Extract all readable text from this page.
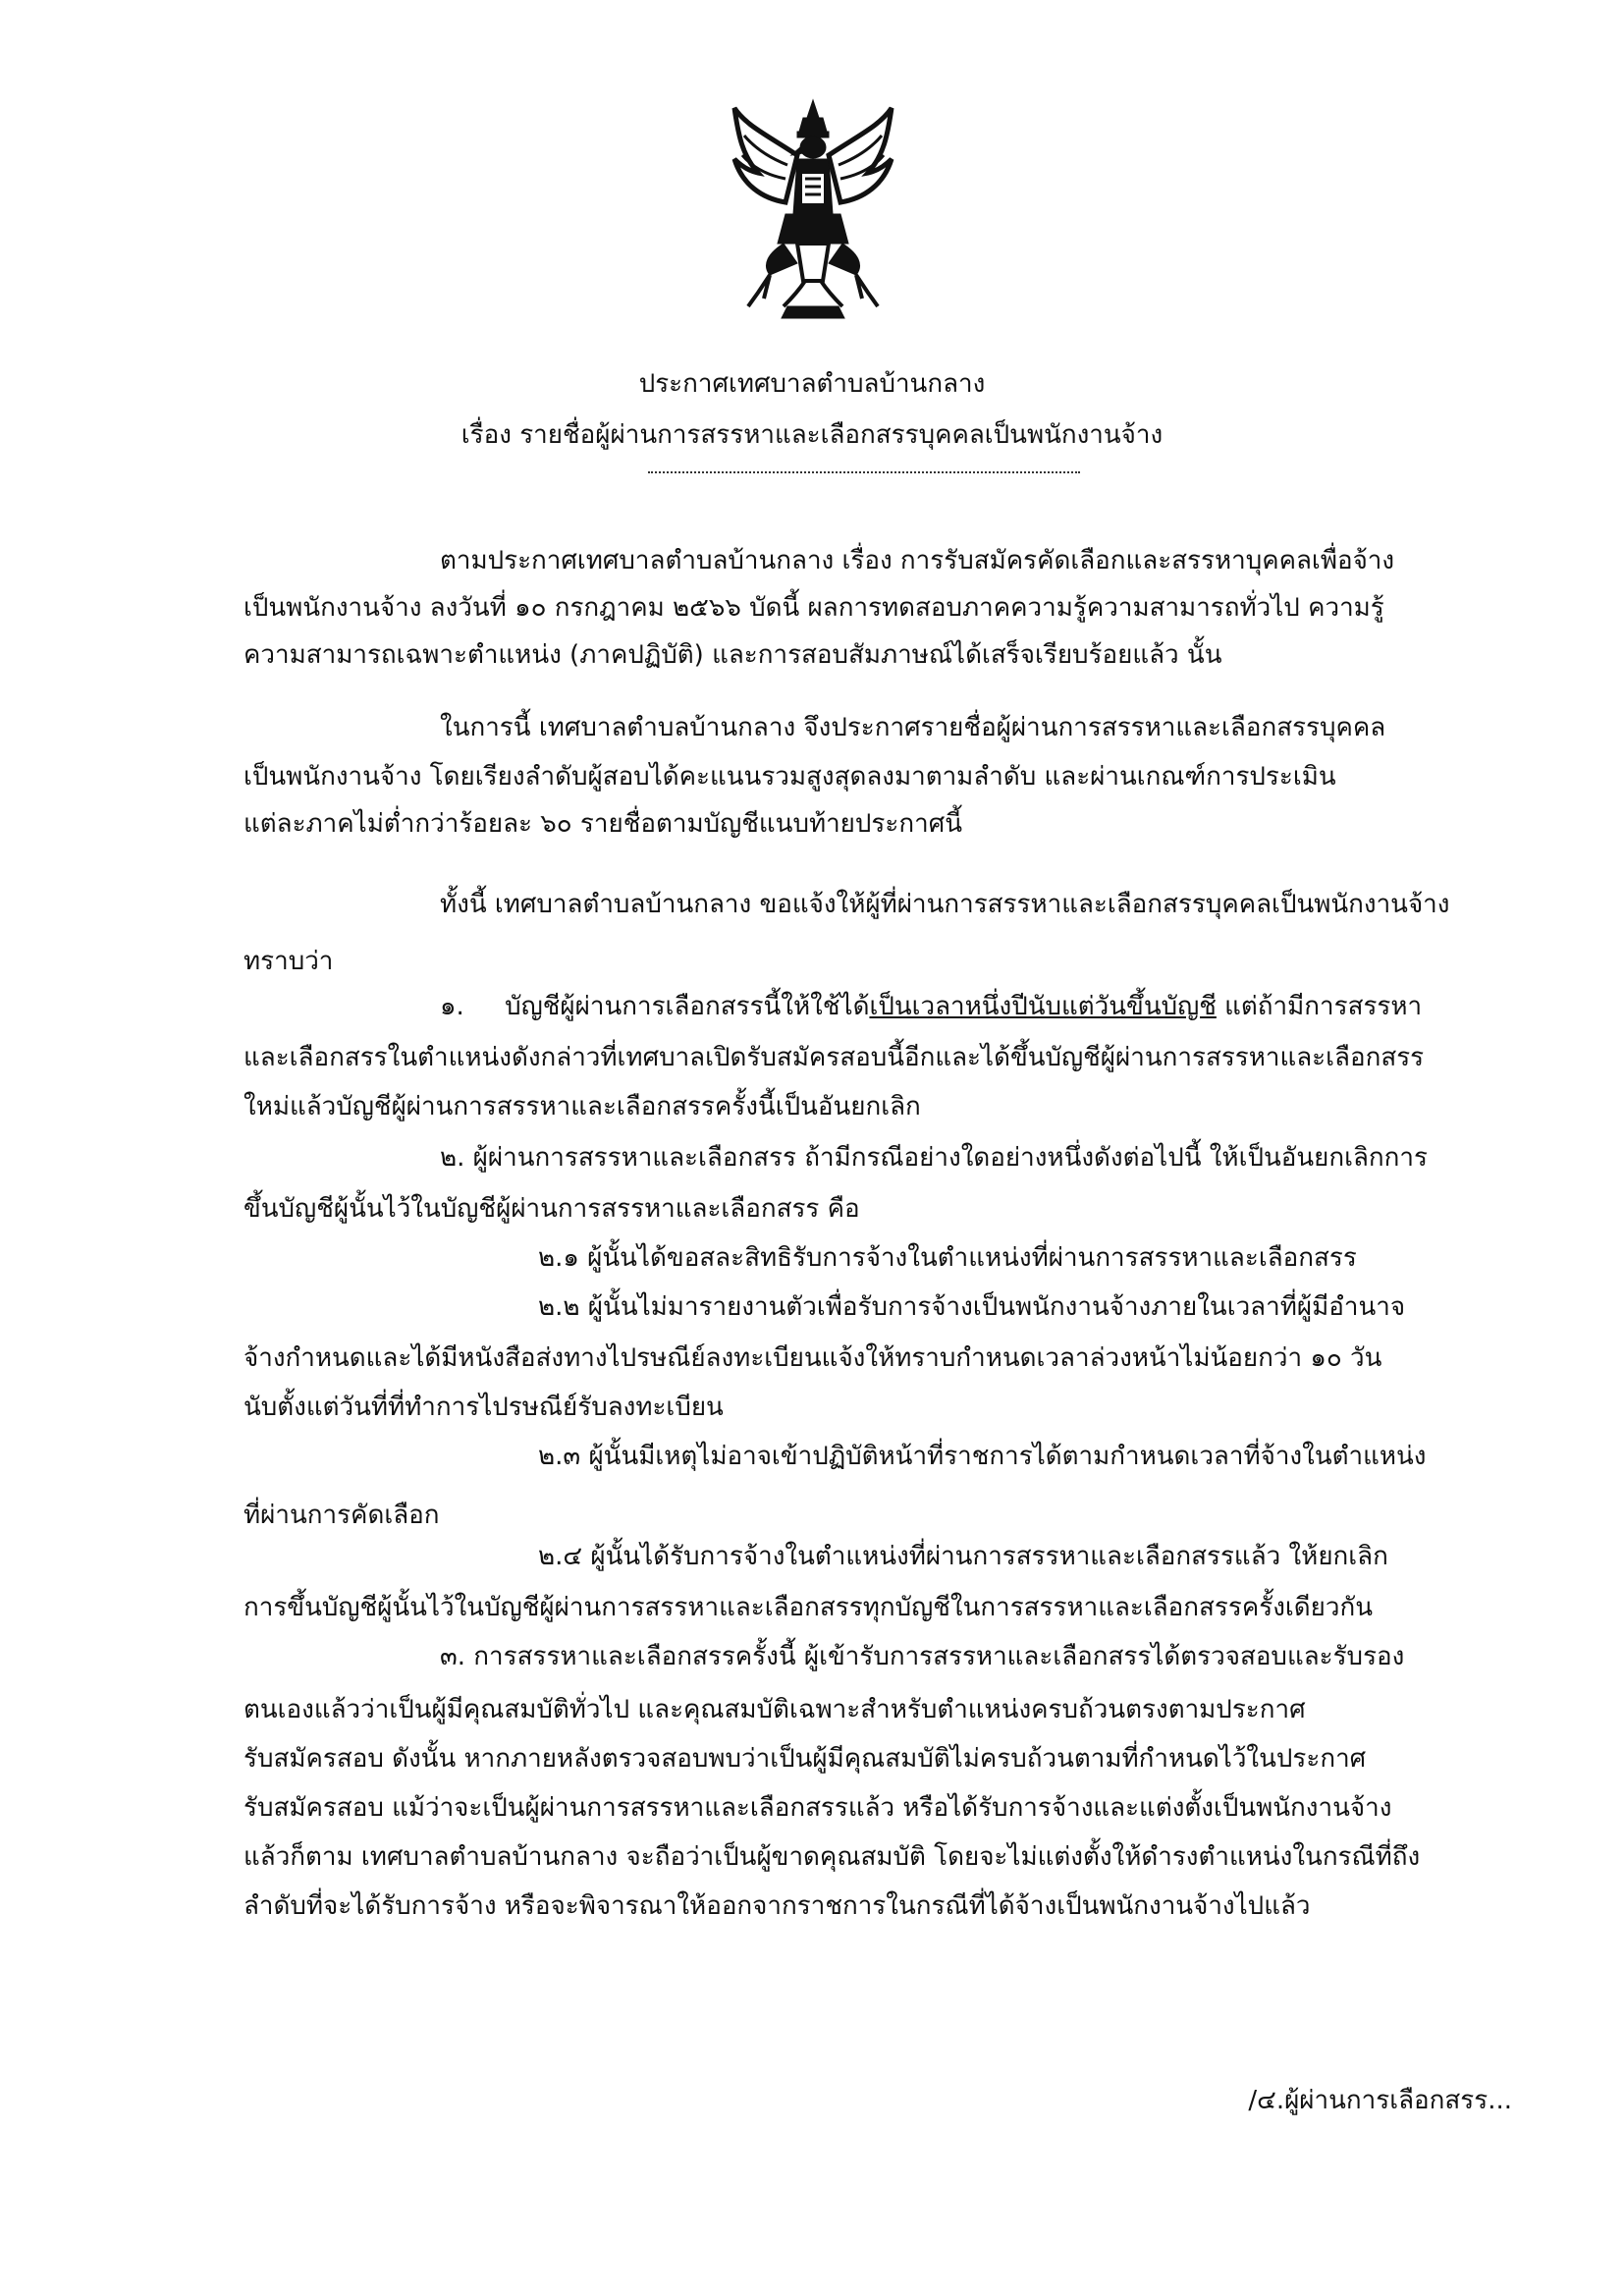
ประกาศเทศบาลตำบลบ้านกลาง
เรื่อง รายชื่อผู้ผ่านการสรรหาและเลือกสรรบุคคลเป็นพนักงานจ้าง
ตามประกาศเทศบาลตำบลบ้านกลาง เรื่อง การรับสมัครคัดเลือกและสรรหาบุคคลเพื่อจ้าง
เป็นพนักงานจ้าง ลงวันที่ ๑๐ กรกฎาคม ๒๕๖๖ บัดนี้ ผลการทดสอบภาคความรู้ความสามารถทั่วไป ความรู้
ความสามารถเฉพาะตำแหน่ง (ภาคปฏิบัติ) และการสอบสัมภาษณ์ได้เสร็จเรียบร้อยแล้ว นั้น
ในการนี้ เทศบาลตำบลบ้านกลาง จึงประกาศรายชื่อผู้ผ่านการสรรหาและเลือกสรรบุคคล
เป็นพนักงานจ้าง โดยเรียงลำดับผู้สอบได้คะแนนรวมสูงสุดลงมาตามลำดับ และผ่านเกณฑ์การประเมิน
แต่ละภาคไม่ต่ำกว่าร้อยละ ๖๐ รายชื่อตามบัญชีแนบท้ายประกาศนี้
ทั้งนี้ เทศบาลตำบลบ้านกลาง ขอแจ้งให้ผู้ที่ผ่านการสรรหาและเลือกสรรบุคคลเป็นพนักงานจ้าง
ทราบว่า
๑. บัญชีผู้ผ่านการเลือกสรรนี้ให้ใช้ได้เป็นเวลาหนึ่งปีนับแต่วันขึ้นบัญชี แต่ถ้ามีการสรรหา
และเลือกสรรในตำแหน่งดังกล่าวที่เทศบาลเปิดรับสมัครสอบนี้อีกและได้ขึ้นบัญชีผู้ผ่านการสรรหาและเลือกสรร
ใหม่แล้วบัญชีผู้ผ่านการสรรหาและเลือกสรรครั้งนี้เป็นอันยกเลิก
๒. ผู้ผ่านการสรรหาและเลือกสรร ถ้ามีกรณีอย่างใดอย่างหนึ่งดังต่อไปนี้ ให้เป็นอันยกเลิกการ
ขึ้นบัญชีผู้นั้นไว้ในบัญชีผู้ผ่านการสรรหาและเลือกสรร คือ
๒.๑ ผู้นั้นได้ขอสละสิทธิรับการจ้างในตำแหน่งที่ผ่านการสรรหาและเลือกสรร
๒.๒ ผู้นั้นไม่มารายงานตัวเพื่อรับการจ้างเป็นพนักงานจ้างภายในเวลาที่ผู้มีอำนาจ
จ้างกำหนดและได้มีหนังสือส่งทางไปรษณีย์ลงทะเบียนแจ้งให้ทราบกำหนดเวลาล่วงหน้าไม่น้อยกว่า ๑๐ วัน
นับตั้งแต่วันที่ที่ทำการไปรษณีย์รับลงทะเบียน
๒.๓ ผู้นั้นมีเหตุไม่อาจเข้าปฏิบัติหน้าที่ราชการได้ตามกำหนดเวลาที่จ้างในตำแหน่ง
ที่ผ่านการคัดเลือก
๒.๔ ผู้นั้นได้รับการจ้างในตำแหน่งที่ผ่านการสรรหาและเลือกสรรแล้ว ให้ยกเลิก
การขึ้นบัญชีผู้นั้นไว้ในบัญชีผู้ผ่านการสรรหาและเลือกสรรทุกบัญชีในการสรรหาและเลือกสรรครั้งเดียวกัน
๓. การสรรหาและเลือกสรรครั้งนี้ ผู้เข้ารับการสรรหาและเลือกสรรได้ตรวจสอบและรับรอง
ตนเองแล้วว่าเป็นผู้มีคุณสมบัติทั่วไป และคุณสมบัติเฉพาะสำหรับตำแหน่งครบถ้วนตรงตามประกาศ
รับสมัครสอบ ดังนั้น หากภายหลังตรวจสอบพบว่าเป็นผู้มีคุณสมบัติไม่ครบถ้วนตามที่กำหนดไว้ในประกาศ
รับสมัครสอบ แม้ว่าจะเป็นผู้ผ่านการสรรหาและเลือกสรรแล้ว หรือได้รับการจ้างและแต่งตั้งเป็นพนักงานจ้าง
แล้วก็ตาม เทศบาลตำบลบ้านกลาง จะถือว่าเป็นผู้ขาดคุณสมบัติ โดยจะไม่แต่งตั้งให้ดำรงตำแหน่งในกรณีที่ถึง
ลำดับที่จะได้รับการจ้าง หรือจะพิจารณาให้ออกจากราชการในกรณีที่ได้จ้างเป็นพนักงานจ้างไปแล้ว
/๔.ผู้ผ่านการเลือกสรร...
